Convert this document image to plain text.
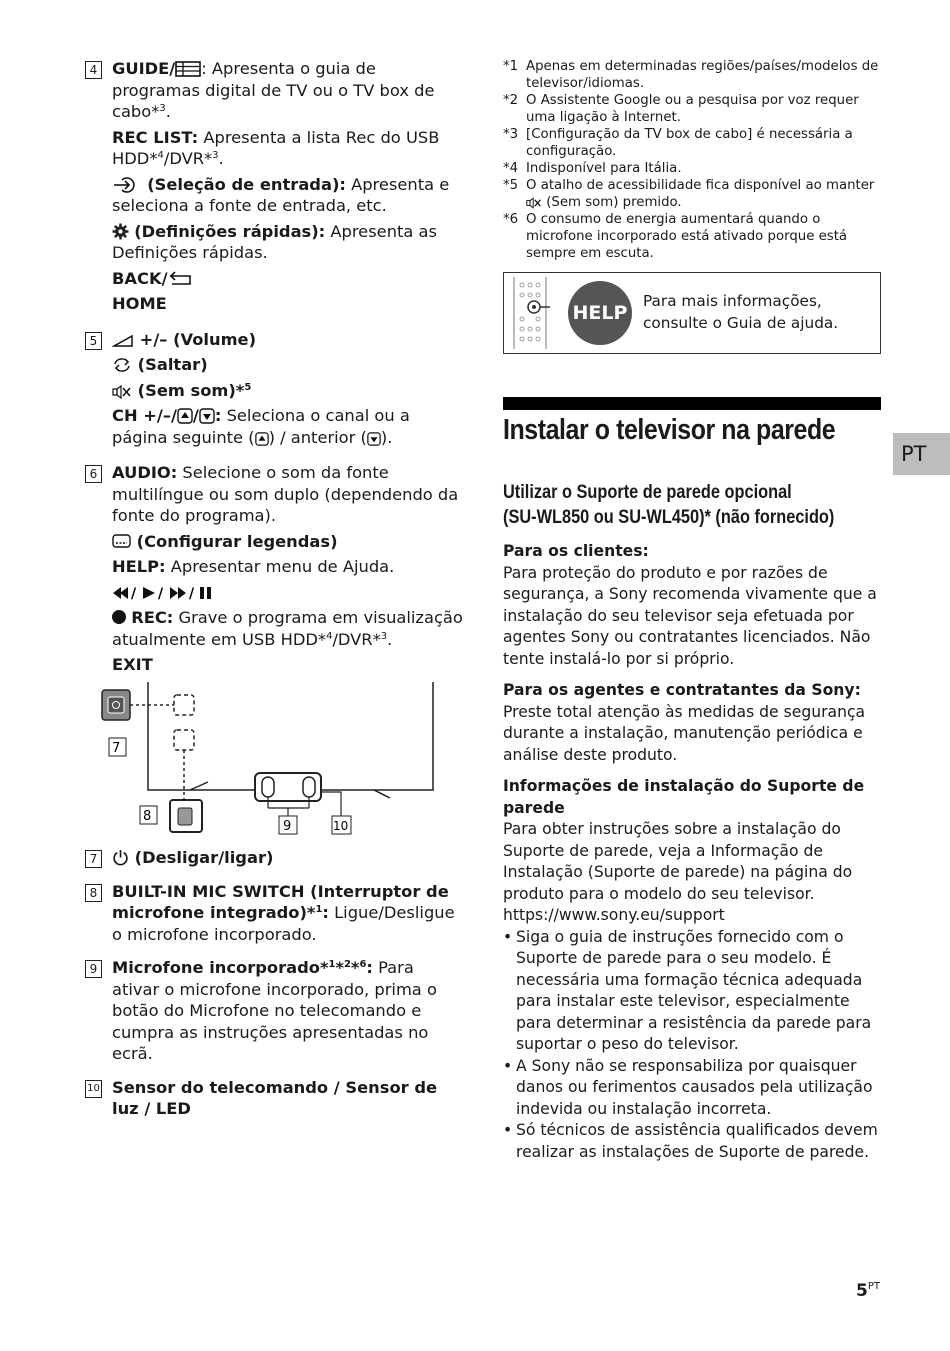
4 GUIDE/ : Apresenta o guia de programas digital de TV ou o TV box de cabo*$^3$.
REC LIST: Apresenta a lista Rec do USB HDD*$^4$/DVR*$^3$.
(Seleção de entrada): Apresenta e seleciona a fonte de entrada, etc.
(Definições rápidas): Apresenta as Definições rápidas.
BACK/
HOME
5	+/– (Volume)
(Saltar)
(Sem som)*$^5$
CH +/–/ / : Seleciona o canal ou a página seguinte ( ) / anterior ( ).
6 AUDIO: Selecione o som da fonte multilíngue ou som duplo (dependendo da fonte do programa).
(Configurar legendas)
HELP: Apresentar menu de Ajuda.
/ / /
REC: Grave o programa em visualização atualmente em USB HDD*$^4$/DVR*$^3$.
EXIT
7
8
9	10
7 (Desligar/ligar)
8 BUILT-IN MIC SWITCH (Interruptor de microfone integrado)*$^1$: Ligue/Desligue o microfone incorporado.
9 Microfone incorporado*$^1$*$^2$*$^6$: Para ativar o microfone incorporado, prima o botão do Microfone no telecomando e cumpra as instruções apresentadas no ecrã.
10 Sensor do telecomando / Sensor de luz / LED
*1 Apenas em determinadas regiões/países/modelos de televisor/idiomas.
*2 O Assistente Google ou a pesquisa por voz requer uma ligação à Internet.
*3 [Configuração da TV box de cabo] é necessária a configuração.
*4 Indisponível para Itália.
*5 O atalho de acessibilidade fica disponível ao manter
(Sem som) premido.
*6 O consumo de energia aumentará quando o microfone incorporado está ativado porque está sempre em escuta.
HELP
Para mais informações, consulte o Guia de ajuda.
Instalar o televisor na parede
Utilizar o Suporte de parede opcional
(SU-WL850 ou SU-WL450)* (não fornecido)
Para os clientes:
Para proteção do produto e por razões de segurança, a Sony recomenda vivamente que a instalação do seu televisor seja efetuada por agentes Sony ou contratantes licenciados. Não tente instalá-lo por si próprio.
Para os agentes e contratantes da Sony:
Preste total atenção às medidas de segurança durante a instalação, manutenção periódica e análise deste produto.
Informações de instalação do Suporte de parede
Para obter instruções sobre a instalação do Suporte de parede, veja a Informação de Instalação (Suporte de parede) na página do produto para o modelo do seu televisor.
https://www.sony.eu/support
• Siga o guia de instruções fornecido com o Suporte de parede para o seu modelo. É necessária uma formação técnica adequada para instalar este televisor, especialmente para determinar a resistência da parede para suportar o peso do televisor.
• A Sony não se responsabiliza por quaisquer danos ou ferimentos causados pela utilização indevida ou instalação incorreta.
• Só técnicos de assistência qualificados devem realizar as instalações de Suporte de parede.
PT
$5^{PT}$
